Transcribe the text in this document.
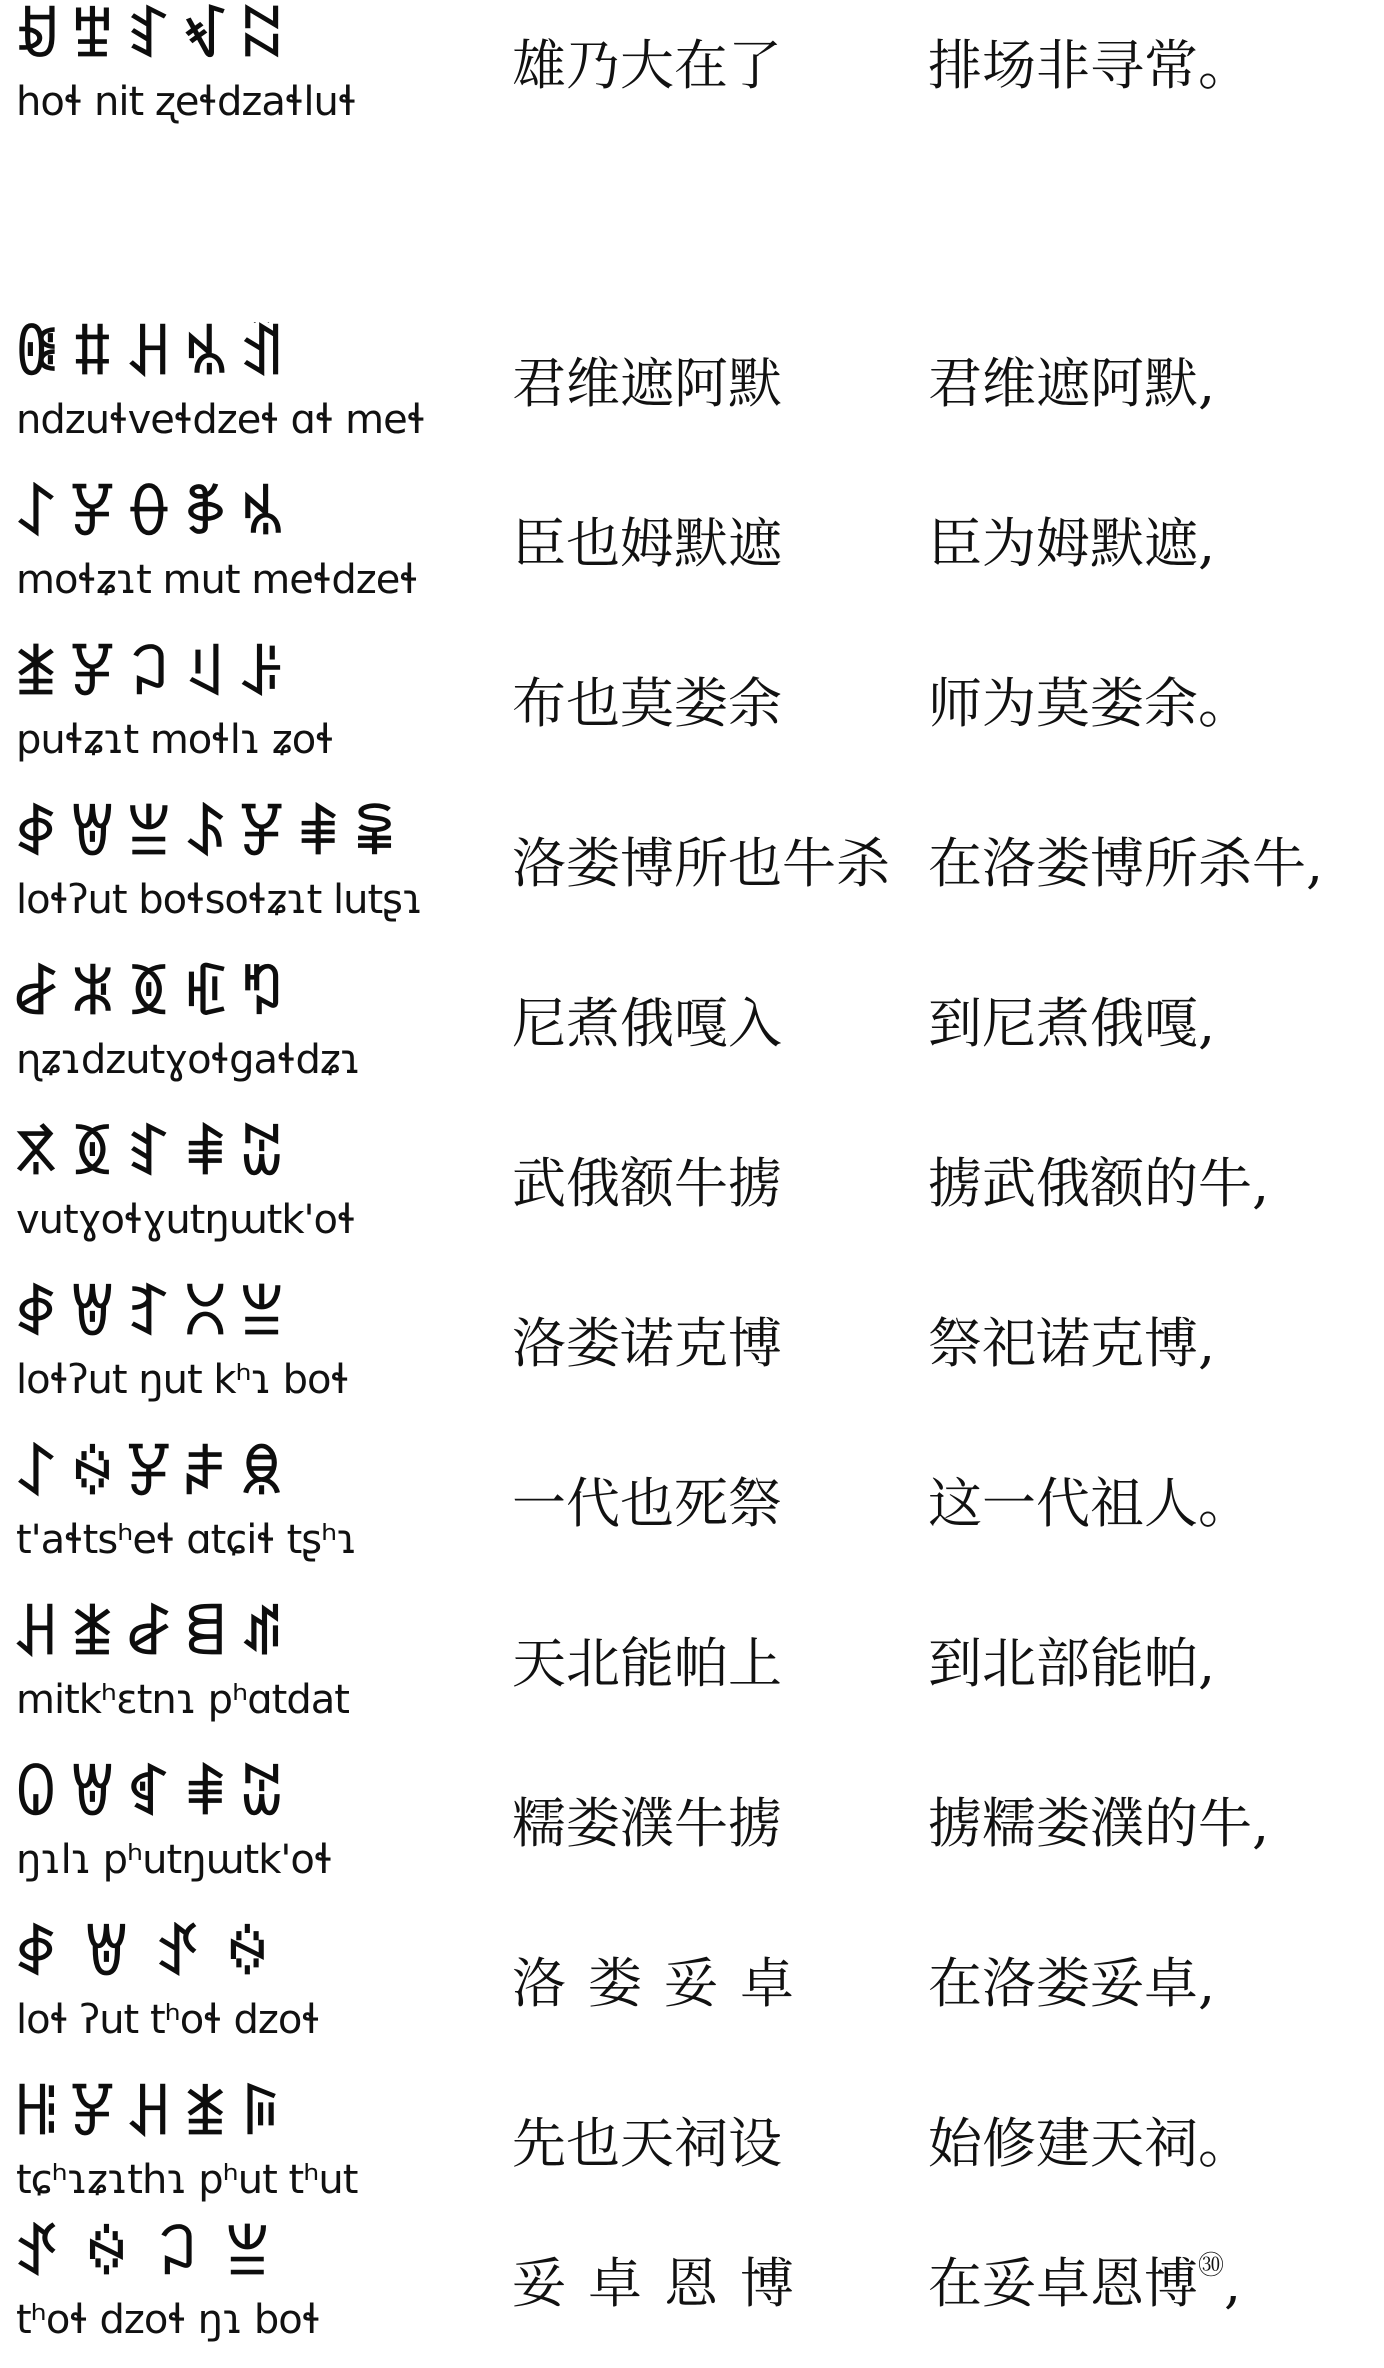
ꀁꄻꆏꃴꉆ
hoɬ nit ʐeɬdzaɬluɬ
雄乃大在了	排场非寻常。
ꍆꐚꃅꁱꀉ
ndzuɬveɬdzeɬ ɑɬ meɬ
君维遮阿默	君维遮阿默,
ꋍꐯꂷꃆꁱ
moɬʑɿt mut meɬdzeɬ
臣也姆默遮	臣为姆默遮,
ꁧꐯꃀꆹꌠ
puɬʑɿt moɬlɿ ʑoɬ
布也莫娄余	师为莫娄余。
ꇉꇐꁈꌺꐯꑌꈜ
loɬʔut boɬsoɬʑɿt lutʂɿ
洛娄博所也牛杀 在洛娄博所杀牛,
ꆀꍜꅉꇿꑳ
ɳʑɿdzutɣoɬgaɬdʑɿ
尼煮俄嘎入	到尼煮俄嘎,
ꃷꅉꆏꑌꇍ
vutɣoɬɣutŋɯtk'oɬ
武俄额牛掳	掳武俄额的牛,
ꇉꇐꆈꇤꁈ
loɬʔut ŋut kʰɿ boɬ
洛娄诺克博	祭祀诺克博,
ꋍꍈꐯꌧꌋ
t'aɬtsʰeɬ ɑtɕiɬ tʂʰɿ
一代也死祭	这一代祖人。
ꃅꁧꆀꁌꁮ
mitkʰɛtnɿ pʰɑtdat
天北能帕上	到北部能帕,
ꐎꇐꁍꑌꇍ
ŋɿlɿ pʰutŋɯtk'oɬ
糯娄濮牛掳	掳糯娄濮的牛,
ꇉꇐꀋꍈ
loɬ ʔut tʰoɬ dzoɬ
洛娄妥卓 在洛娄妥卓,
ꆿꐯꃅꁦꌕ
tɕʰɿʑɿthɿ pʰut tʰut
先也天祠设	始修建天祠。
ꀋꍈꃀꁈ
tʰoɬ dzoɬ ŋɿ boɬ
妥卓恩博 在妥卓恩博$^㉚$,
